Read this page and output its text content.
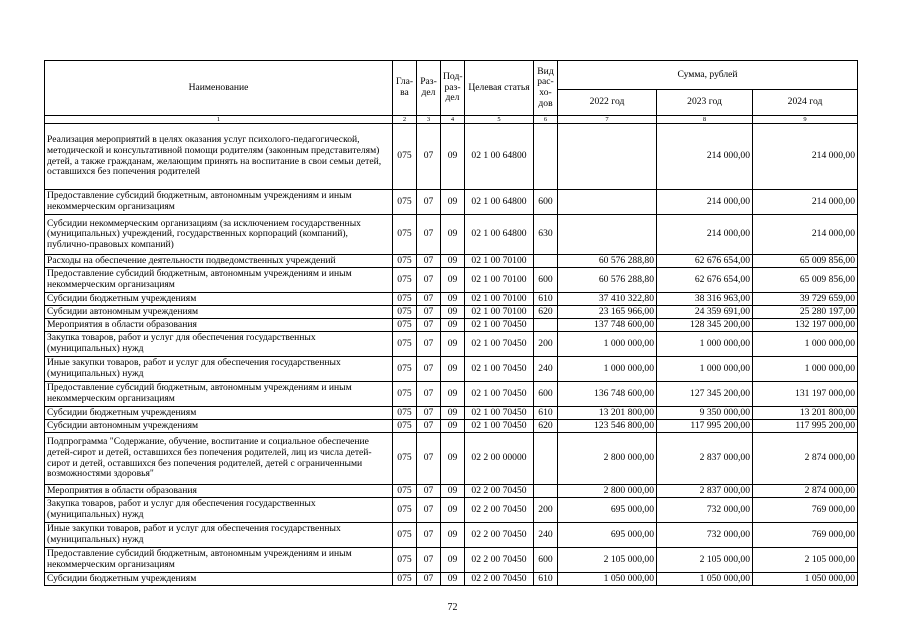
Наименование	Гла-ва	Раз-дел	Под-раз-дел	Целевая статья	Вид рас-хо-дов	Сумма, рублей		
						2022 год	2023 год	2024 год
1	2	3	4	5	6	7	8	9
Реализация мероприятий в целях оказания услуг психолого-педагогической, методической и консультативной помощи родителям (законным представителям) детей, а также гражданам, желающим принять на воспитание в свои семьи детей, оставшихся без попечения родителей	075	07	09	02 1 00 64800			214 000,00	214 000,00
Предоставление субсидий бюджетным, автономным учреждениям и иным некоммерческим организациям	075	07	09	02 1 00 64800	600		214 000,00	214 000,00
Субсидии некоммерческим организациям (за исключением государственных (муниципальных) учреждений, государственных корпораций (компаний), публично-правовых компаний)	075	07	09	02 1 00 64800	630		214 000,00	214 000,00
Расходы на обеспечение деятельности подведомственных учреждений	075	07	09	02 1 00 70100		60 576 288,80	62 676 654,00	65 009 856,00
Предоставление субсидий бюджетным, автономным учреждениям и иным некоммерческим организациям	075	07	09	02 1 00 70100	600	60 576 288,80	62 676 654,00	65 009 856,00
Субсидии бюджетным учреждениям	075	07	09	02 1 00 70100	610	37 410 322,80	38 316 963,00	39 729 659,00
Субсидии автономным учреждениям	075	07	09	02 1 00 70100	620	23 165 966,00	24 359 691,00	25 280 197,00
Мероприятия в области образования	075	07	09	02 1 00 70450		137 748 600,00	128 345 200,00	132 197 000,00
Закупка товаров, работ и услуг для обеспечения государственных (муниципальных) нужд	075	07	09	02 1 00 70450	200	1 000 000,00	1 000 000,00	1 000 000,00
Иные закупки товаров, работ и услуг для обеспечения государственных (муниципальных) нужд	075	07	09	02 1 00 70450	240	1 000 000,00	1 000 000,00	1 000 000,00
Предоставление субсидий бюджетным, автономным учреждениям и иным некоммерческим организациям	075	07	09	02 1 00 70450	600	136 748 600,00	127 345 200,00	131 197 000,00
Субсидии бюджетным учреждениям	075	07	09	02 1 00 70450	610	13 201 800,00	9 350 000,00	13 201 800,00
Субсидии автономным учреждениям	075	07	09	02 1 00 70450	620	123 546 800,00	117 995 200,00	117 995 200,00
Подпрограмма "Содержание, обучение, воспитание и социальное обеспечение детей-сирот и детей, оставшихся без попечения родителей, лиц из числа детей-сирот и детей, оставшихся без попечения родителей, детей с ограниченными возможностями здоровья"	075	07	09	02 2 00 00000		2 800 000,00	2 837 000,00	2 874 000,00
Мероприятия в области образования	075	07	09	02 2 00 70450		2 800 000,00	2 837 000,00	2 874 000,00
Закупка товаров, работ и услуг для обеспечения государственных (муниципальных) нужд	075	07	09	02 2 00 70450	200	695 000,00	732 000,00	769 000,00
Иные закупки товаров, работ и услуг для обеспечения государственных (муниципальных) нужд	075	07	09	02 2 00 70450	240	695 000,00	732 000,00	769 000,00
Предоставление субсидий бюджетным, автономным учреждениям и иным некоммерческим организациям	075	07	09	02 2 00 70450	600	2 105 000,00	2 105 000,00	2 105 000,00
Субсидии бюджетным учреждениям	075	07	09	02 2 00 70450	610	1 050 000,00	1 050 000,00	1 050 000,00
72
